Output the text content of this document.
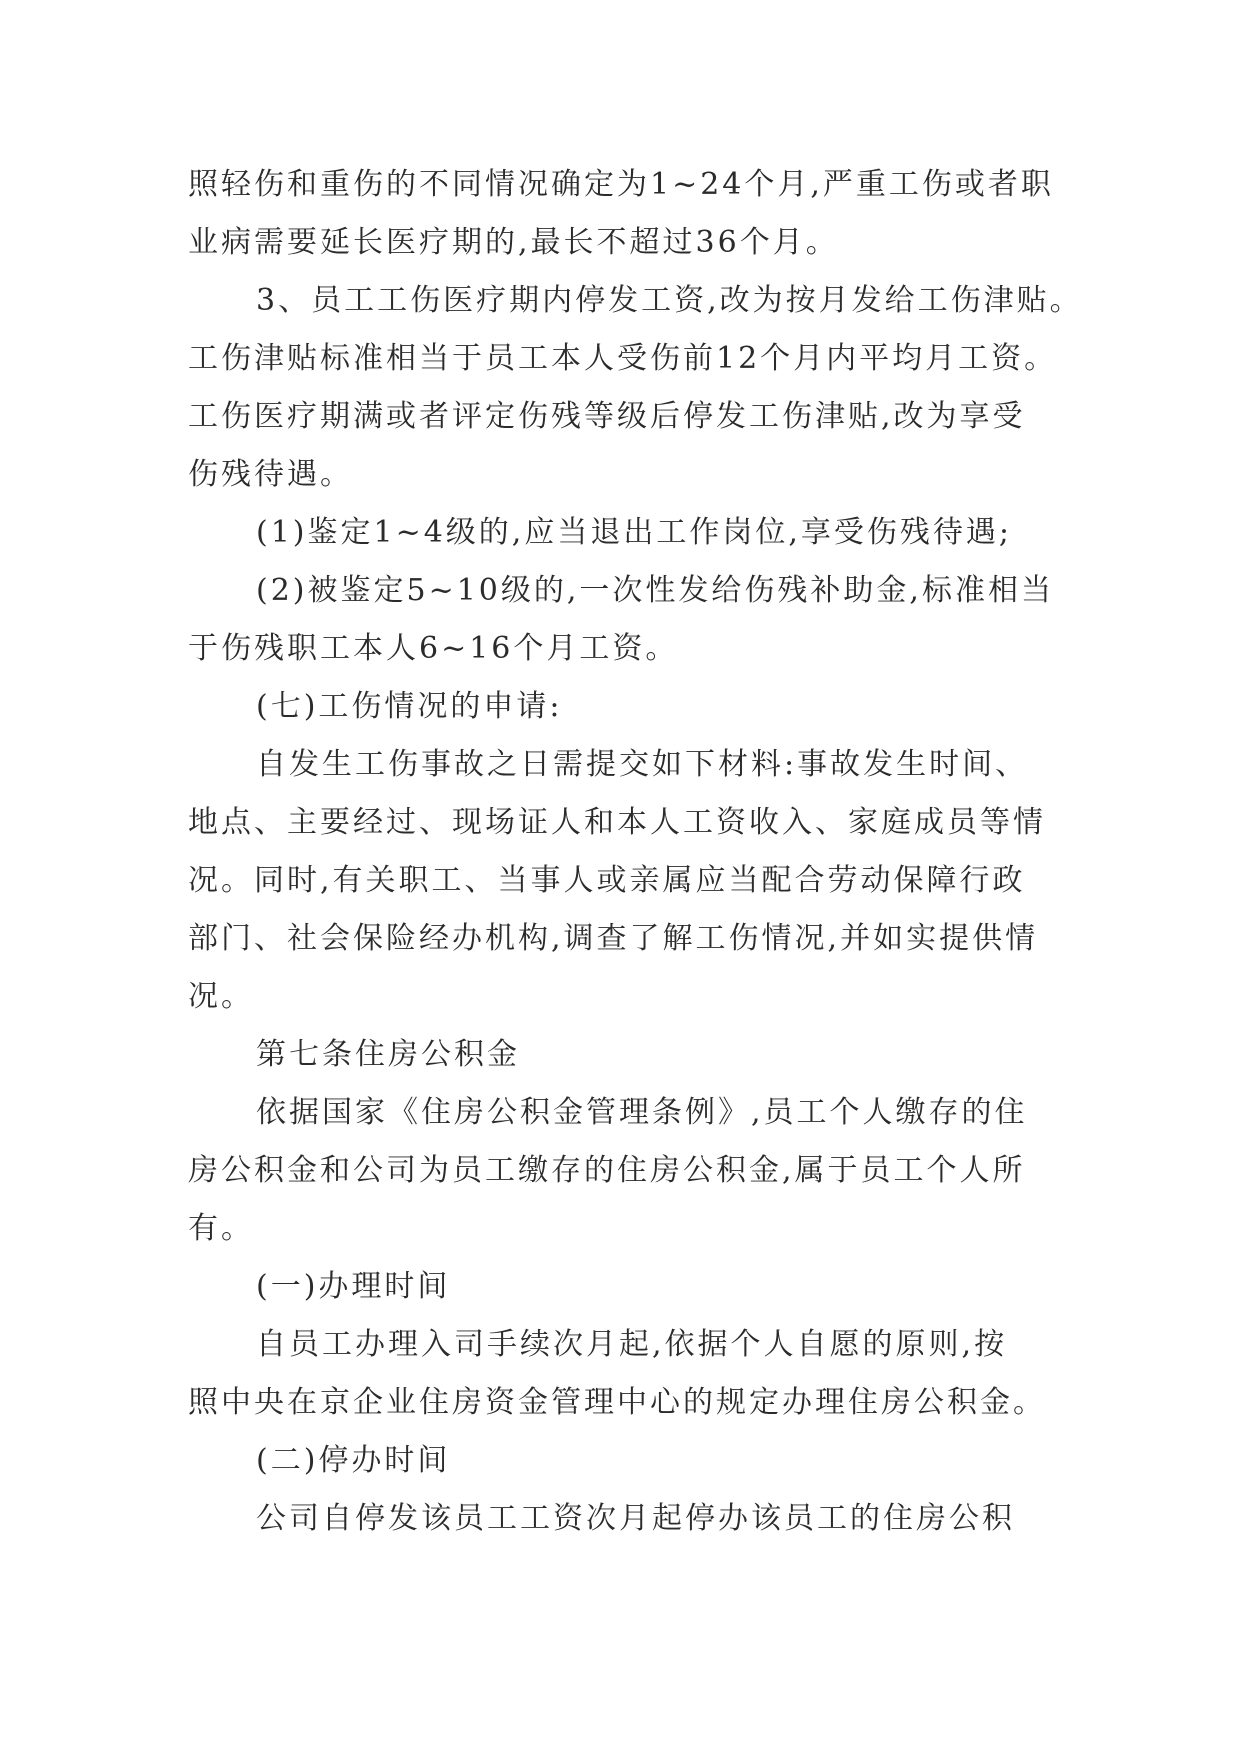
照轻伤和重伤的不同情况确定为1~24个月,严重工伤或者职

业病需要延长医疗期的,最长不超过36个月。

3、员工工伤医疗期内停发工资,改为按月发给工伤津贴。

工伤津贴标准相当于员工本人受伤前12个月内平均月工资。

工伤医疗期满或者评定伤残等级后停发工伤津贴,改为享受

伤残待遇。

(1)鉴定1~4级的,应当退出工作岗位,享受伤残待遇;

(2)被鉴定5~10级的,一次性发给伤残补助金,标准相当

于伤残职工本人6~16个月工资。

(七)工伤情况的申请:

自发生工伤事故之日需提交如下材料:事故发生时间、

地点、主要经过、现场证人和本人工资收入、家庭成员等情

况。同时,有关职工、当事人或亲属应当配合劳动保障行政

部门、社会保险经办机构,调查了解工伤情况,并如实提供情

况。

第七条住房公积金

依据国家《住房公积金管理条例》,员工个人缴存的住

房公积金和公司为员工缴存的住房公积金,属于员工个人所

有。

(一)办理时间

自员工办理入司手续次月起,依据个人自愿的原则,按

照中央在京企业住房资金管理中心的规定办理住房公积金。

(二)停办时间

公司自停发该员工工资次月起停办该员工的住房公积
